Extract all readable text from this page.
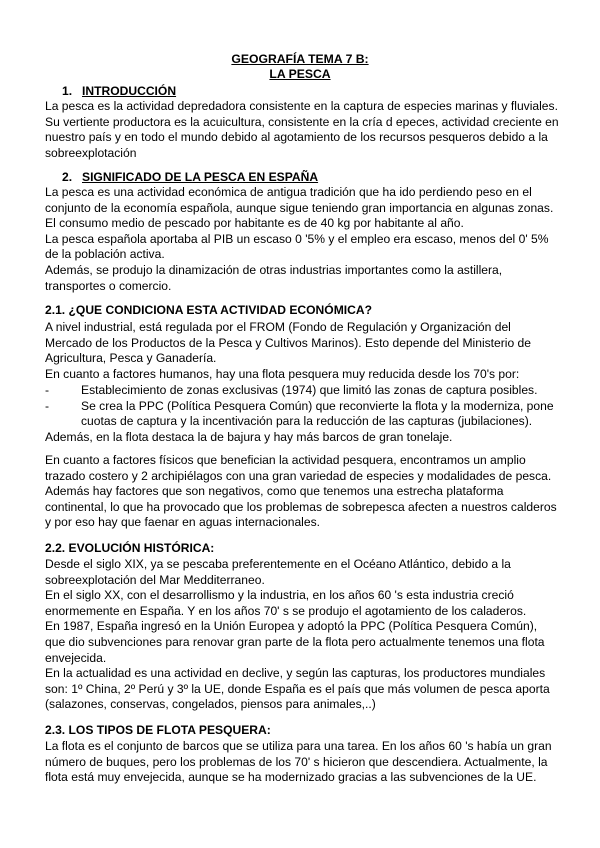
GEOGRAFÍA TEMA 7 B:
LA PESCA
1. INTRODUCCIÓN
La pesca es la actividad depredadora consistente en la captura de especies marinas y fluviales.
Su vertiente productora es la acuicultura, consistente en la cría d epeces, actividad creciente en
nuestro país y en todo el mundo debido al agotamiento de los recursos pesqueros debido a la
sobreexplotación
2. SIGNIFICADO DE LA PESCA EN ESPAÑA
La pesca es una actividad económica de antigua tradición que ha ido perdiendo peso en el
conjunto de la economía española, aunque sigue teniendo gran importancia en algunas zonas.
El consumo medio de pescado por habitante es de 40 kg por habitante al año.
La pesca española aportaba al PIB un escaso 0 '5% y el empleo era escaso, menos del 0' 5%
de la población activa.
Además, se produjo la dinamización de otras industrias importantes como la astillera,
transportes o comercio.
2.1. ¿QUE CONDICIONA ESTA ACTIVIDAD ECONÓMICA?
A nivel industrial, está regulada por el FROM (Fondo de Regulación y Organización del
Mercado de los Productos de la Pesca y Cultivos Marinos). Esto depende del Ministerio de
Agricultura, Pesca y Ganadería.
En cuanto a factores humanos, hay una flota pesquera muy reducida desde los 70's por:
-	Establecimiento de zonas exclusivas (1974) que limitó las zonas de captura posibles.
-	Se crea la PPC (Política Pesquera Común) que reconvierte la flota y la moderniza, pone
cuotas de captura y la incentivación para la reducción de las capturas (jubilaciones).
Además, en la flota destaca la de bajura y hay más barcos de gran tonelaje.
En cuanto a factores físicos que benefician la actividad pesquera, encontramos un amplio
trazado costero y 2 archipiélagos con una gran variedad de especies y modalidades de pesca.
Además hay factores que son negativos, como que tenemos una estrecha plataforma
continental, lo que ha provocado que los problemas de sobrepesca afecten a nuestros calderos
y por eso hay que faenar en aguas internacionales.
2.2. EVOLUCIÓN HISTÓRICA:
Desde el siglo XIX, ya se pescaba preferentemente en el Océano Atlántico, debido a la
sobreexplotación del Mar Medditerraneo.
En el siglo XX, con el desarrollismo y la industria, en los años 60 's esta industria creció
enormemente en España. Y en los años 70' s se produjo el agotamiento de los caladeros.
En 1987, España ingresó en la Unión Europea y adoptó la PPC (Política Pesquera Común),
que dio subvenciones para renovar gran parte de la flota pero actualmente tenemos una flota
envejecida.
En la actualidad es una actividad en declive, y según las capturas, los productores mundiales
son: 1º China, 2º Perú y 3º la UE, donde España es el país que más volumen de pesca aporta
(salazones, conservas, congelados, piensos para animales,..)
2.3. LOS TIPOS DE FLOTA PESQUERA:
La flota es el conjunto de barcos que se utiliza para una tarea. En los años 60 's había un gran
número de buques, pero los problemas de los 70' s hicieron que descendiera. Actualmente, la
flota está muy envejecida, aunque se ha modernizado gracias a las subvenciones de la UE.
